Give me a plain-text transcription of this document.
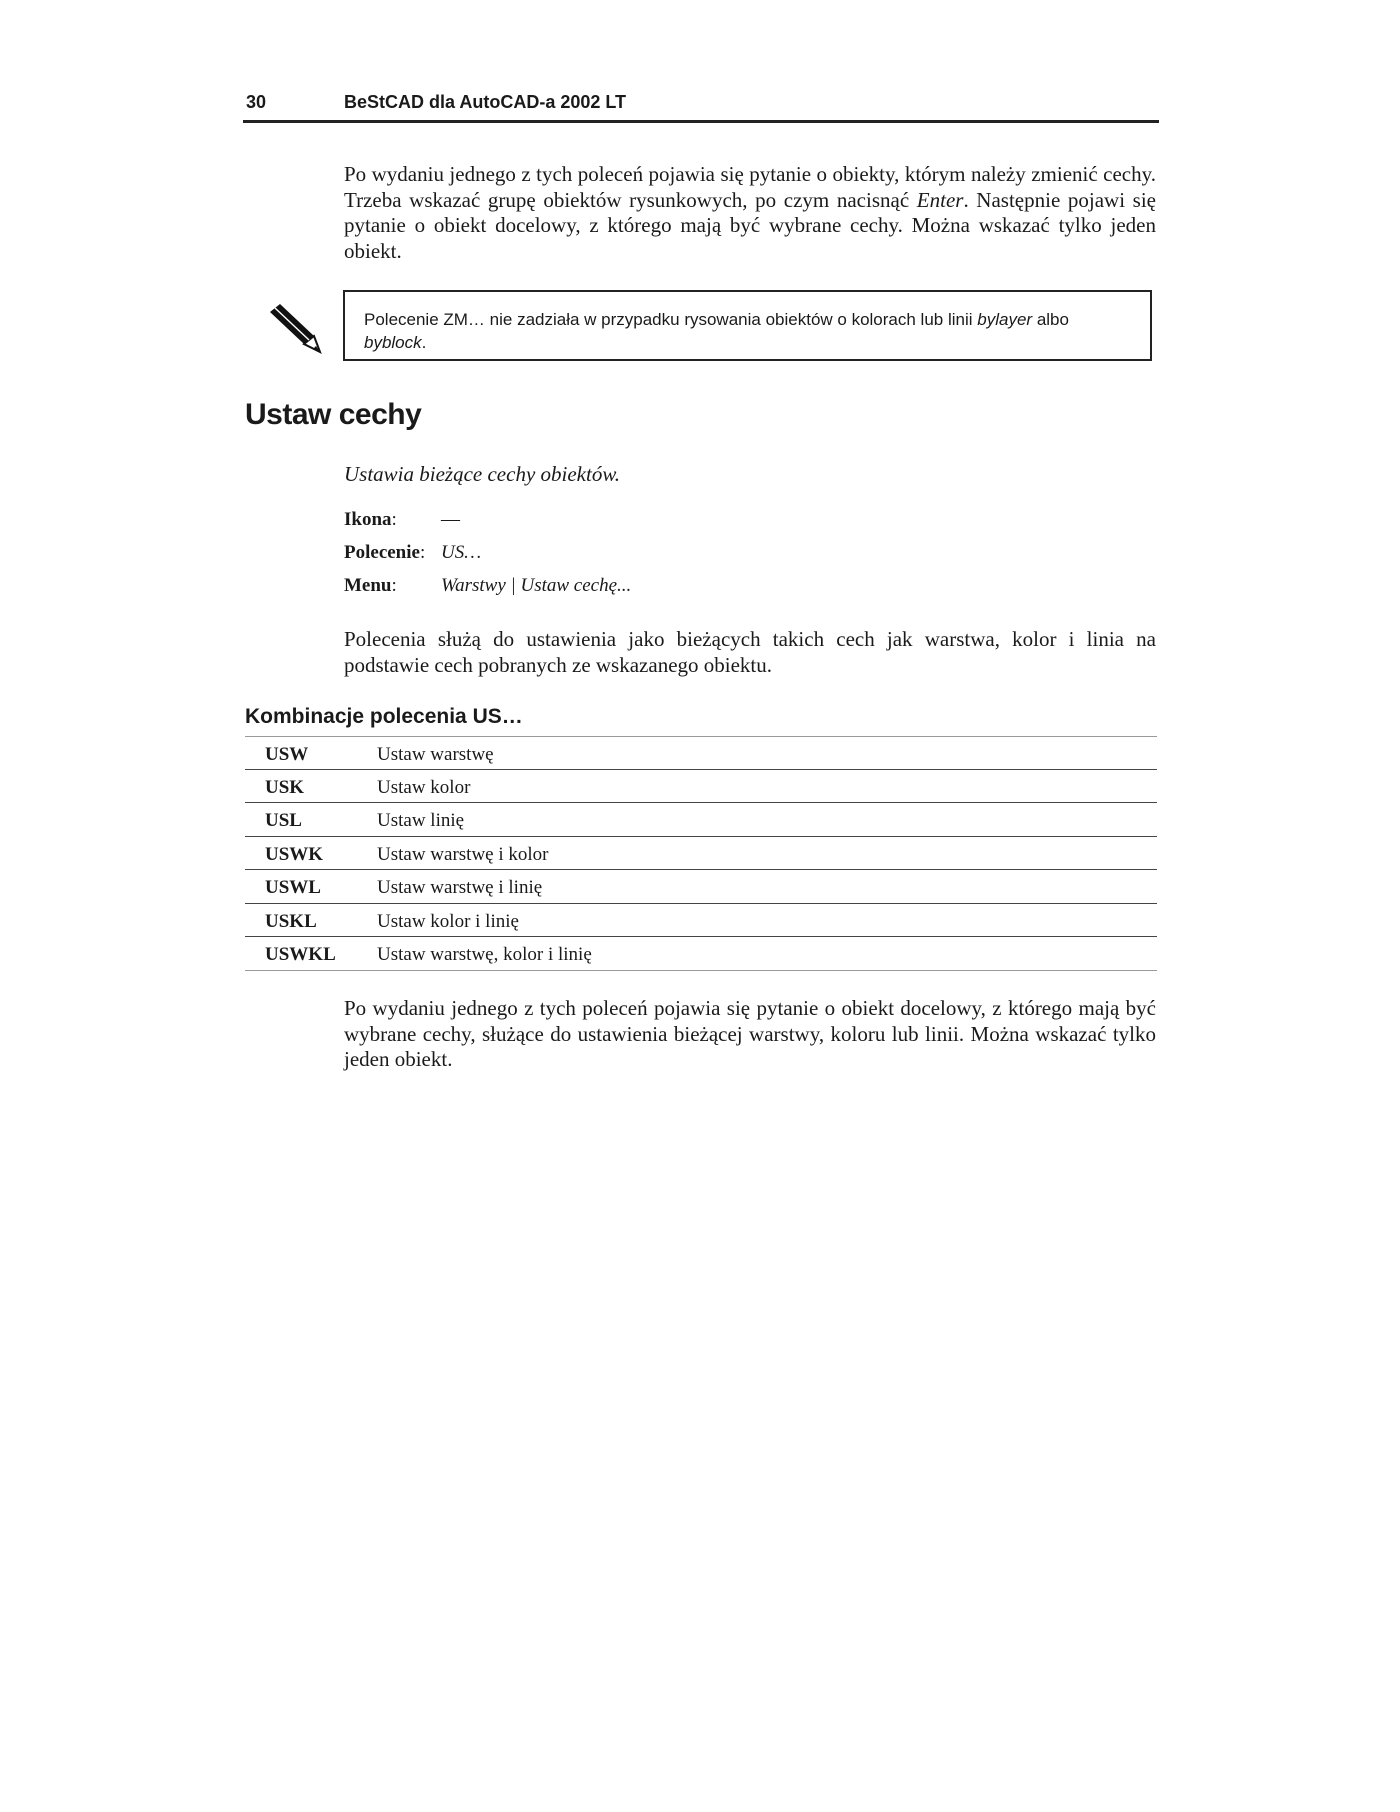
30	BeStCAD dla AutoCAD-a 2002 LT

Po wydaniu jednego z tych poleceń pojawia się pytanie o obiekty, którym należy zmienić cechy. Trzeba wskazać grupę obiektów rysunkowych, po czym nacisnąć Enter. Następnie pojawi się pytanie o obiekt docelowy, z którego mają być wybrane cechy. Można wskazać tylko jeden obiekt.

Polecenie ZM… nie zadziała w przypadku rysowania obiektów o kolorach lub linii bylayer albo byblock.

Ustaw cechy
Ustawia bieżące cechy obiektów.
Ikona: —
Polecenie: US…
Menu: Warstwy | Ustaw cechę...

Polecenia służą do ustawienia jako bieżących takich cech jak warstwa, kolor i linia na podstawie cech pobranych ze wskazanego obiektu.

Kombinacje polecenia US…
USW	Ustaw warstwę
USK	Ustaw kolor
USL	Ustaw linię
USWK	Ustaw warstwę i kolor
USWL	Ustaw warstwę i linię
USKL	Ustaw kolor i linię
USWKL Ustaw warstwę, kolor i linię

Po wydaniu jednego z tych poleceń pojawia się pytanie o obiekt docelowy, z którego mają być wybrane cechy, służące do ustawienia bieżącej warstwy, koloru lub linii. Można wskazać tylko jeden obiekt.
